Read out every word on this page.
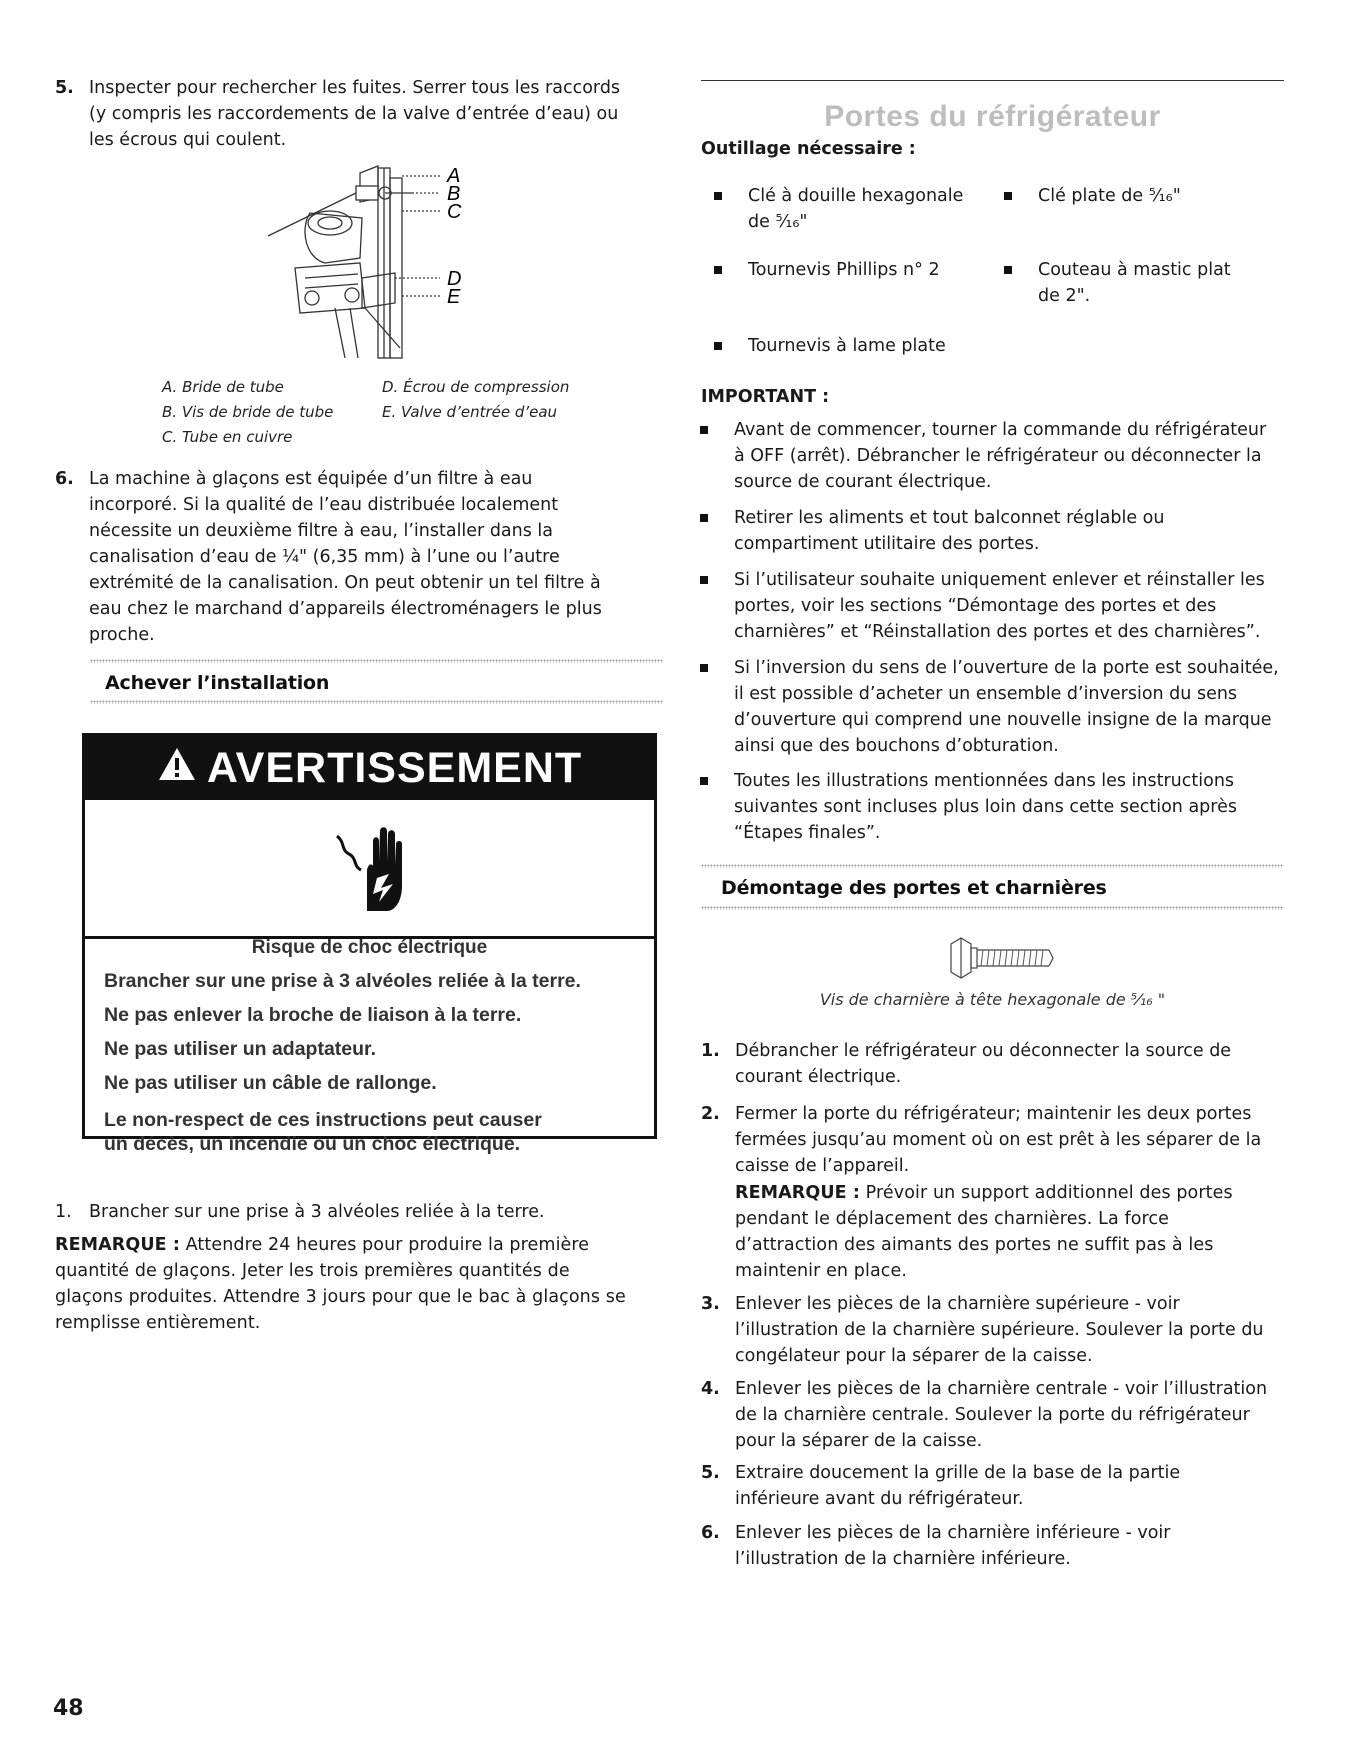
5. Inspecter pour rechercher les fuites. Serrer tous les raccords
(y compris les raccordements de la valve d’entrée d’eau) ou
les écrous qui coulent.
A
B
C
D
E
A. Bride de tube
B. Vis de bride de tube
C. Tube en cuivre
D. Écrou de compression
E. Valve d’entrée d’eau
6. La machine à glaçons est équipée d’un filtre à eau
incorporé. Si la qualité de l’eau distribuée localement
nécessite un deuxième filtre à eau, l’installer dans la
canalisation d’eau de ¼" (6,35 mm) à l’une ou l’autre
extrémité de la canalisation. On peut obtenir un tel filtre à
eau chez le marchand d’appareils électroménagers le plus
proche.
Achever l’installation
AVERTISSEMENT
Risque de choc électrique
Brancher sur une prise à 3 alvéoles reliée à la terre.
Ne pas enlever la broche de liaison à la terre.
Ne pas utiliser un adaptateur.
Ne pas utiliser un câble de rallonge.
Le non-respect de ces instructions peut causer
un décès, un incendie ou un choc électrique.
1. Brancher sur une prise à 3 alvéoles reliée à la terre.
REMARQUE : Attendre 24 heures pour produire la première
quantité de glaçons. Jeter les trois premières quantités de
glaçons produites. Attendre 3 jours pour que le bac à glaçons se
remplisse entièrement.
Portes du réfrigérateur
Outillage nécessaire :
Clé à douille hexagonale
de ⁵⁄₁₆"
Clé plate de ⁵⁄₁₆"
Tournevis Phillips n° 2	Couteau à mastic plat
de 2".
Tournevis à lame plate
IMPORTANT :
Avant de commencer, tourner la commande du réfrigérateur
à OFF (arrêt). Débrancher le réfrigérateur ou déconnecter la
source de courant électrique.
Retirer les aliments et tout balconnet réglable ou
compartiment utilitaire des portes.
Si l’utilisateur souhaite uniquement enlever et réinstaller les
portes, voir les sections “Démontage des portes et des
charnières” et “Réinstallation des portes et des charnières”.
Si l’inversion du sens de l’ouverture de la porte est souhaitée,
il est possible d’acheter un ensemble d’inversion du sens
d’ouverture qui comprend une nouvelle insigne de la marque
ainsi que des bouchons d’obturation.
Toutes les illustrations mentionnées dans les instructions
suivantes sont incluses plus loin dans cette section après
“Étapes finales”.
Démontage des portes et charnières
Vis de charnière à tête hexagonale de ⁵⁄₁₆ "
1. Débrancher le réfrigérateur ou déconnecter la source de
courant électrique.
2. Fermer la porte du réfrigérateur; maintenir les deux portes
fermées jusqu’au moment où on est prêt à les séparer de la
caisse de l’appareil.
REMARQUE : Prévoir un support additionnel des portes
pendant le déplacement des charnières. La force
d’attraction des aimants des portes ne suffit pas à les
maintenir en place.
3. Enlever les pièces de la charnière supérieure - voir
l’illustration de la charnière supérieure. Soulever la porte du
congélateur pour la séparer de la caisse.
4. Enlever les pièces de la charnière centrale - voir l’illustration
de la charnière centrale. Soulever la porte du réfrigérateur
pour la séparer de la caisse.
5. Extraire doucement la grille de la base de la partie
inférieure avant du réfrigérateur.
6. Enlever les pièces de la charnière inférieure - voir
l’illustration de la charnière inférieure.
48
